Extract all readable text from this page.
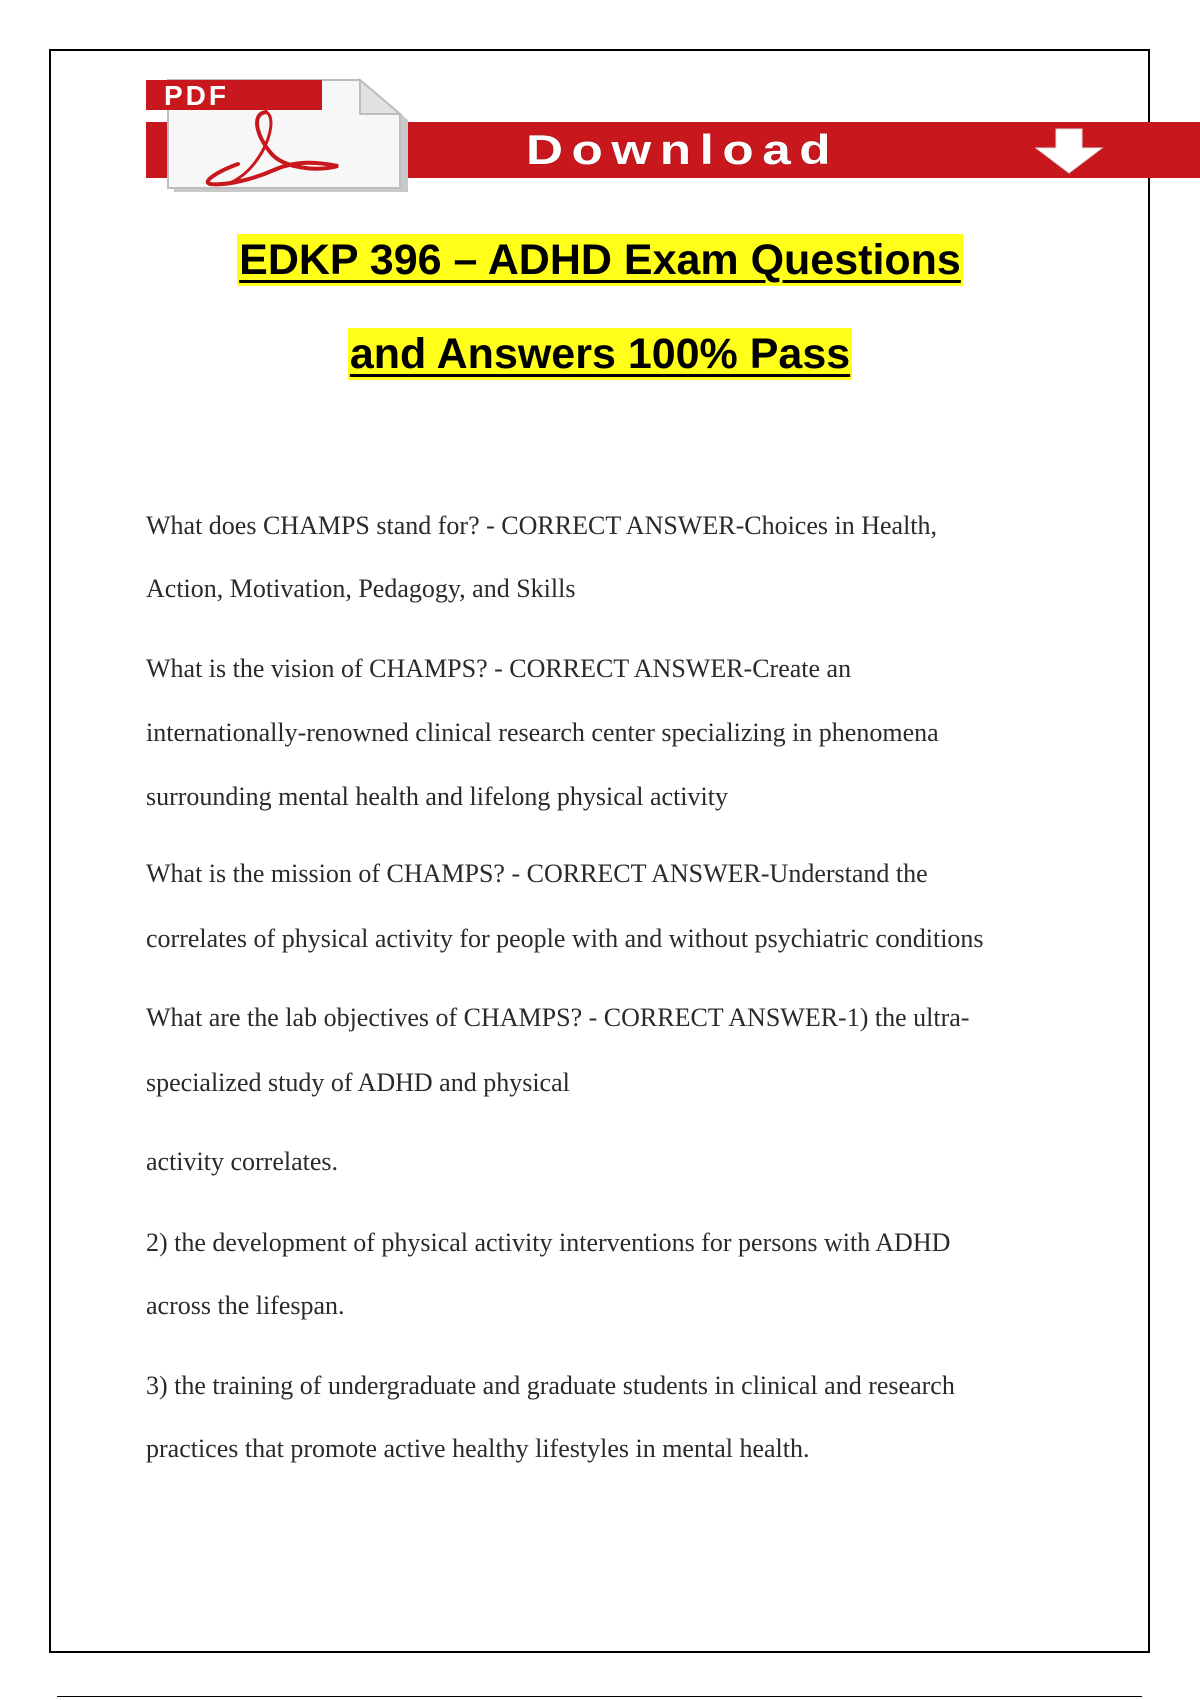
Download
PDF
EDKP 396 – ADHD Exam Questions
and Answers 100% Pass
What does CHAMPS stand for? - CORRECT ANSWER-Choices in Health,
Action, Motivation, Pedagogy, and Skills
What is the vision of CHAMPS? - CORRECT ANSWER-Create an
internationally-renowned clinical research center specializing in phenomena
surrounding mental health and lifelong physical activity
What is the mission of CHAMPS? - CORRECT ANSWER-Understand the
correlates of physical activity for people with and without psychiatric conditions
What are the lab objectives of CHAMPS? - CORRECT ANSWER-1) the ultra-
specialized study of ADHD and physical
activity correlates.
2) the development of physical activity interventions for persons with ADHD
across the lifespan.
3) the training of undergraduate and graduate students in clinical and research
practices that promote active healthy lifestyles in mental health.
